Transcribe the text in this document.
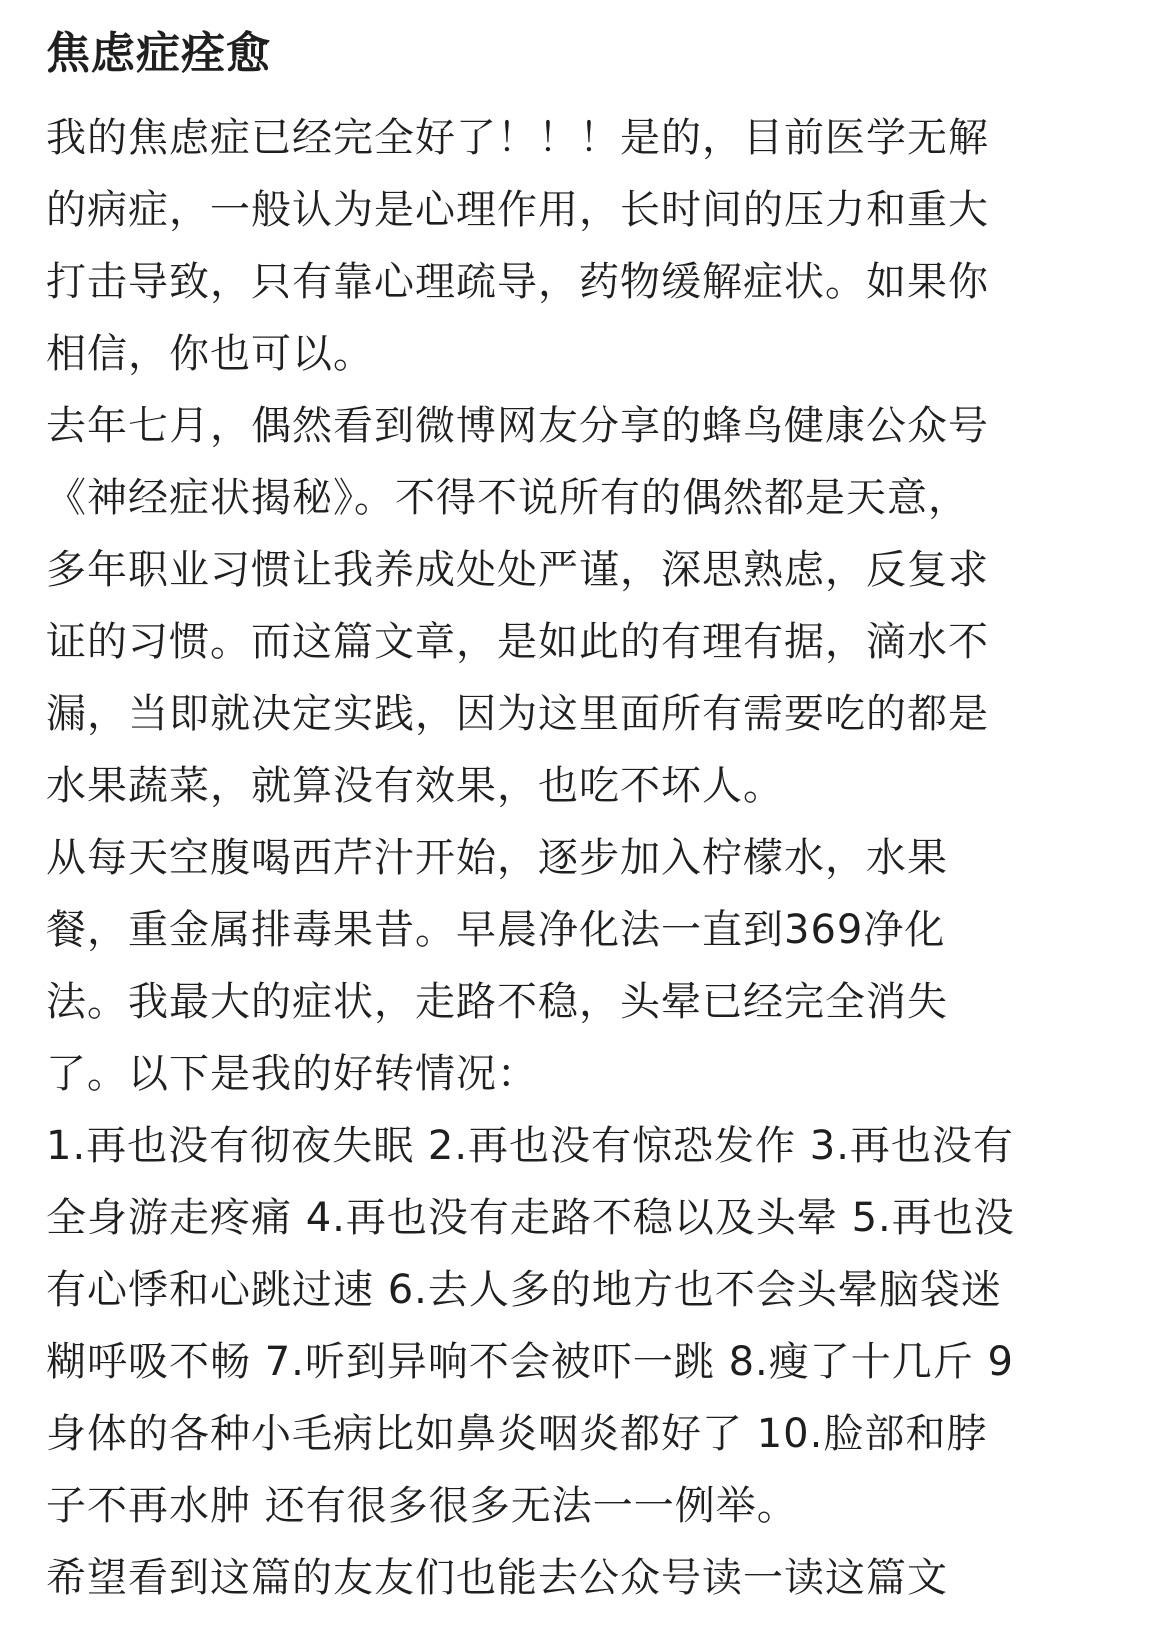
焦虑症痊愈

我的焦虑症已经完全好了！！！是的，目前医学无解
的病症，一般认为是心理作用，长时间的压力和重大
打击导致，只有靠心理疏导，药物缓解症状。如果你
相信，你也可以。

去年七月，偶然看到微博网友分享的蜂鸟健康公众号
《神经症状揭秘》。不得不说所有的偶然都是天意，
多年职业习惯让我养成处处严谨，深思熟虑，反复求
证的习惯。而这篇文章，是如此的有理有据，滴水不
漏，当即就决定实践，因为这里面所有需要吃的都是
水果蔬菜，就算没有效果，也吃不坏人。

从每天空腹喝西芹汁开始，逐步加入柠檬水，水果
餐，重金属排毒果昔。早晨净化法一直到369净化
法。我最大的症状，走路不稳，头晕已经完全消失
了。以下是我的好转情况：

1.再也没有彻夜失眠 2.再也没有惊恐发作 3.再也没有
全身游走疼痛 4.再也没有走路不稳以及头晕 5.再也没
有心悸和心跳过速 6.去人多的地方也不会头晕脑袋迷
糊呼吸不畅 7.听到异响不会被吓一跳 8.瘦了十几斤 9
身体的各种小毛病比如鼻炎咽炎都好了 10.脸部和脖
子不再水肿 还有很多很多无法一一例举。

希望看到这篇的友友们也能去公众号读一读这篇文
